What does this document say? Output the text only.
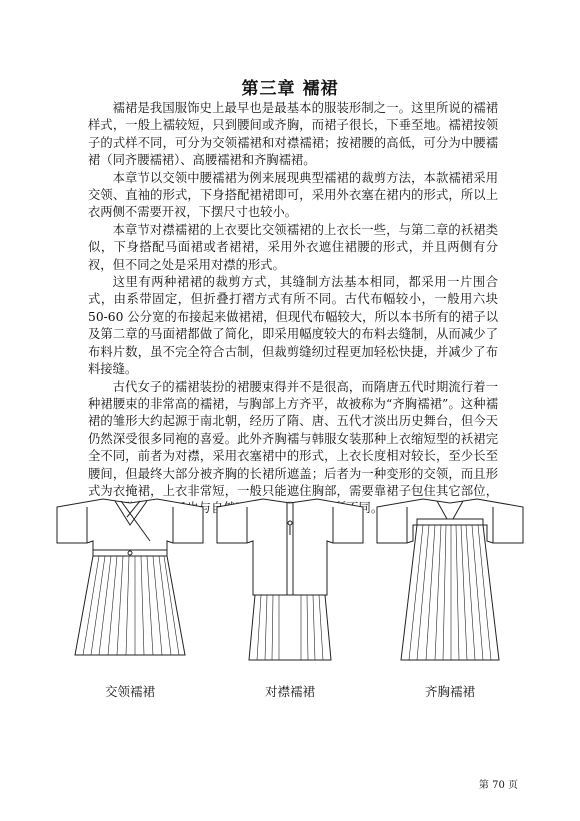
第三章 襦裙

襦裙是我国服饰史上最早也是最基本的服装形制之一。这里所说的襦裙样式，一般上襦较短，只到腰间或齐胸，而裙子很长，下垂至地。襦裙按领子的式样不同，可分为交领襦裙和对襟襦裙；按裙腰的高低，可分为中腰襦裙（同齐腰襦裙）、高腰襦裙和齐胸襦裙。

本章节以交领中腰襦裙为例来展现典型襦裙的裁剪方法，本款襦裙采用交领、直袖的形式，下身搭配裙裙即可，采用外衣塞在裙内的形式，所以上衣两侧不需要开衩，下摆尺寸也较小。

本章节对襟襦裙的上衣要比交领襦裙的上衣长一些，与第二章的袄裙类似，下身搭配马面裙或者裙裙，采用外衣遮住裙腰的形式，并且两侧有分衩，但不同之处是采用对襟的形式。

这里有两种裙裙的裁剪方式，其缝制方法基本相同，都采用一片围合式，由系带固定，但折叠打褶方式有所不同。古代布幅较小，一般用六块 50-60 公分宽的布接起来做裙裙，但现代布幅较大，所以本书所有的裙子以及第二章的马面裙都做了简化，即采用幅度较大的布料去缝制，从而减少了布料片数，虽不完全符合古制，但裁剪缝纫过程更加轻松快捷，并减少了布料接缝。

古代女子的襦裙装扮的裙腰束得并不是很高，而隋唐五代时期流行着一种裙腰束的非常高的襦裙，与胸部上方齐平，故被称为“齐胸襦裙”。这种襦裙的雏形大约起源于南北朝，经历了隋、唐、五代才淡出历史舞台，但今天仍然深受很多同袍的喜爱。此外齐胸襦与韩服女装那种上衣缩短型的袄裙完全不同，前者为对襟，采用衣塞裙中的形式，上衣长度相对较长，至少长至腰间，但最终大部分被齐胸的长裙所遮盖；后者为一种变形的交领，而且形式为衣掩裙，上衣非常短，一般只能遮住胸部，需要靠裙子包住其它部位， 也与自然 同。

交领襦裙	对襟襦裙	齐胸襦裙
第 70 页
